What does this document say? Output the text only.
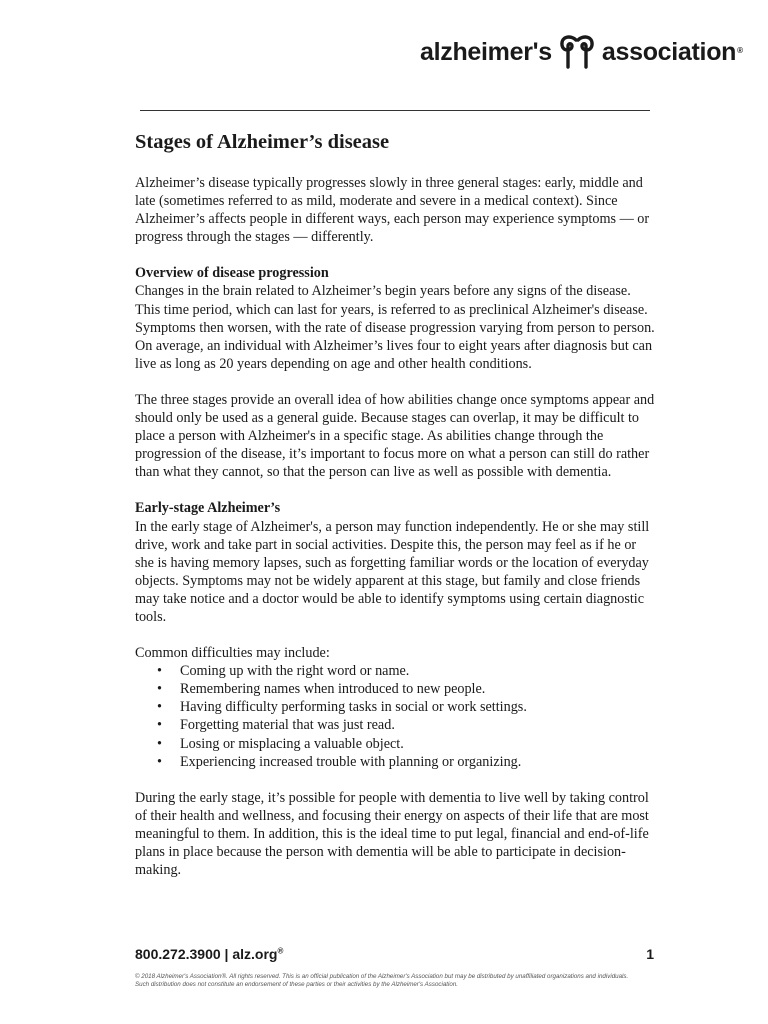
alzheimer's association ®
Stages of Alzheimer’s disease

Alzheimer’s disease typically progresses slowly in three general stages: early, middle and late (sometimes referred to as mild, moderate and severe in a medical context). Since Alzheimer’s affects people in different ways, each person may experience symptoms — or progress through the stages — differently.

Overview of disease progression
Changes in the brain related to Alzheimer’s begin years before any signs of the disease. This time period, which can last for years, is referred to as preclinical Alzheimer's disease. Symptoms then worsen, with the rate of disease progression varying from person to person. On average, an individual with Alzheimer’s lives four to eight years after diagnosis but can live as long as 20 years depending on age and other health conditions.

The three stages provide an overall idea of how abilities change once symptoms appear and should only be used as a general guide. Because stages can overlap, it may be difficult to place a person with Alzheimer's in a specific stage. As abilities change through the progression of the disease, it’s important to focus more on what a person can still do rather than what they cannot, so that the person can live as well as possible with dementia.

Early-stage Alzheimer’s
In the early stage of Alzheimer's, a person may function independently. He or she may still drive, work and take part in social activities. Despite this, the person may feel as if he or she is having memory lapses, such as forgetting familiar words or the location of everyday objects. Symptoms may not be widely apparent at this stage, but family and close friends may take notice and a doctor would be able to identify symptoms using certain diagnostic tools.

Common difficulties may include:
• Coming up with the right word or name.
• Remembering names when introduced to new people.
• Having difficulty performing tasks in social or work settings.
• Forgetting material that was just read.
• Losing or misplacing a valuable object.
• Experiencing increased trouble with planning or organizing.

During the early stage, it’s possible for people with dementia to live well by taking control of their health and wellness, and focusing their energy on aspects of their life that are most meaningful to them. In addition, this is the ideal time to put legal, financial and end-of-life plans in place because the person with dementia will be able to participate in decision-making.

800.272.3900 | alz.org®	1
© 2018 Alzheimer's Association®. All rights reserved. This is an official publication of the Alzheimer's Association but may be distributed by unaffiliated organizations and individuals.
Such distribution does not constitute an endorsement of these parties or their activities by the Alzheimer's Association.
